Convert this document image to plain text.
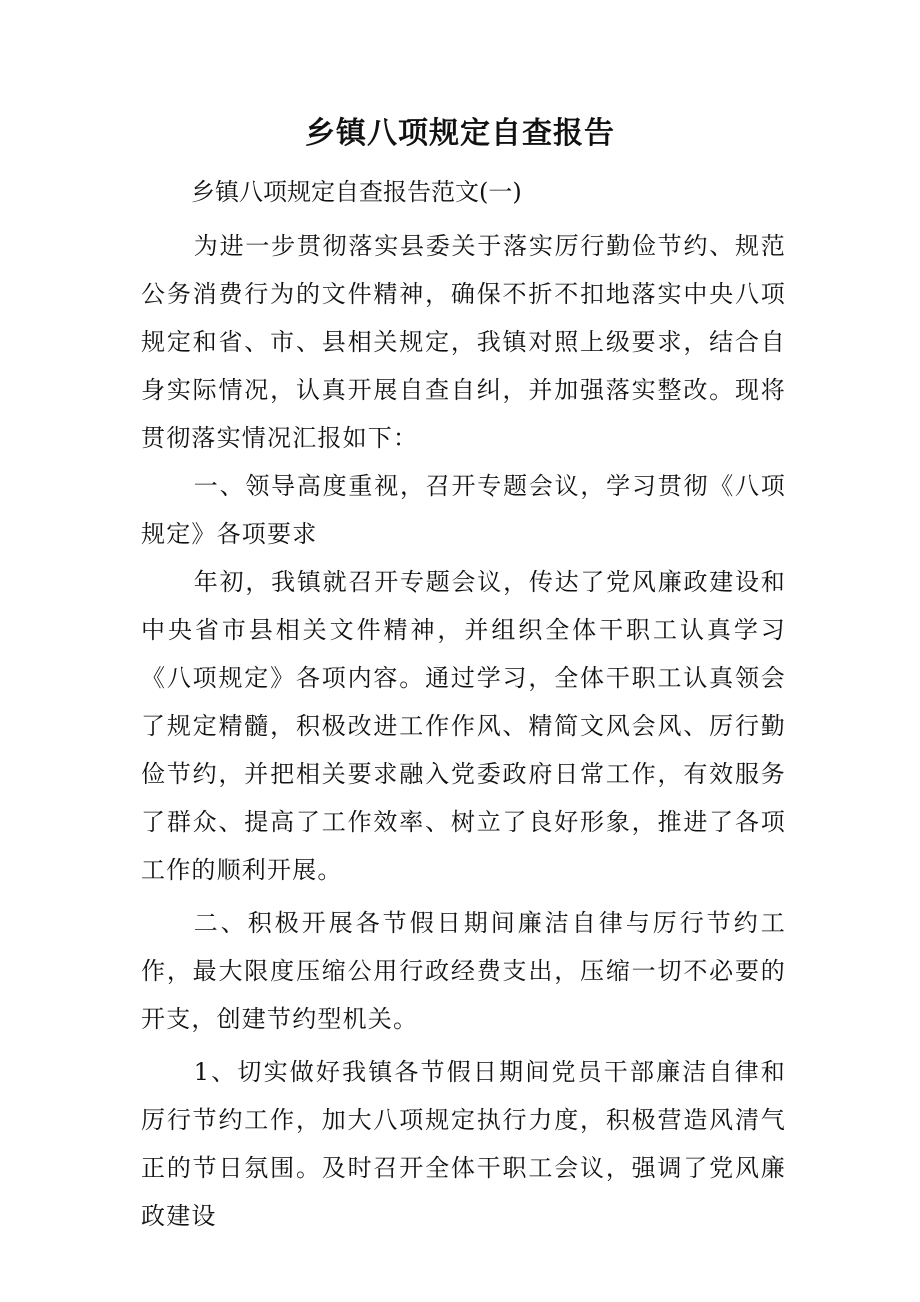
乡镇八项规定自查报告

乡镇八项规定自查报告范文(一)

为进一步贯彻落实县委关于落实厉行勤俭节约、规范公务消费行为的文件精神，确保不折不扣地落实中央八项规定和省、市、县相关规定，我镇对照上级要求，结合自身实际情况，认真开展自查自纠，并加强落实整改。现将贯彻落实情况汇报如下：

一、领导高度重视，召开专题会议，学习贯彻《八项规定》各项要求

年初，我镇就召开专题会议，传达了党风廉政建设和中央省市县相关文件精神，并组织全体干职工认真学习《八项规定》各项内容。通过学习，全体干职工认真领会了规定精髓，积极改进工作作风、精简文风会风、厉行勤俭节约，并把相关要求融入党委政府日常工作，有效服务了群众、提高了工作效率、树立了良好形象，推进了各项工作的顺利开展。

二、积极开展各节假日期间廉洁自律与厉行节约工作，最大限度压缩公用行政经费支出，压缩一切不必要的开支，创建节约型机关。

1、切实做好我镇各节假日期间党员干部廉洁自律和厉行节约工作，加大八项规定执行力度，积极营造风清气正的节日氛围。及时召开全体干职工会议，强调了党风廉政建设
